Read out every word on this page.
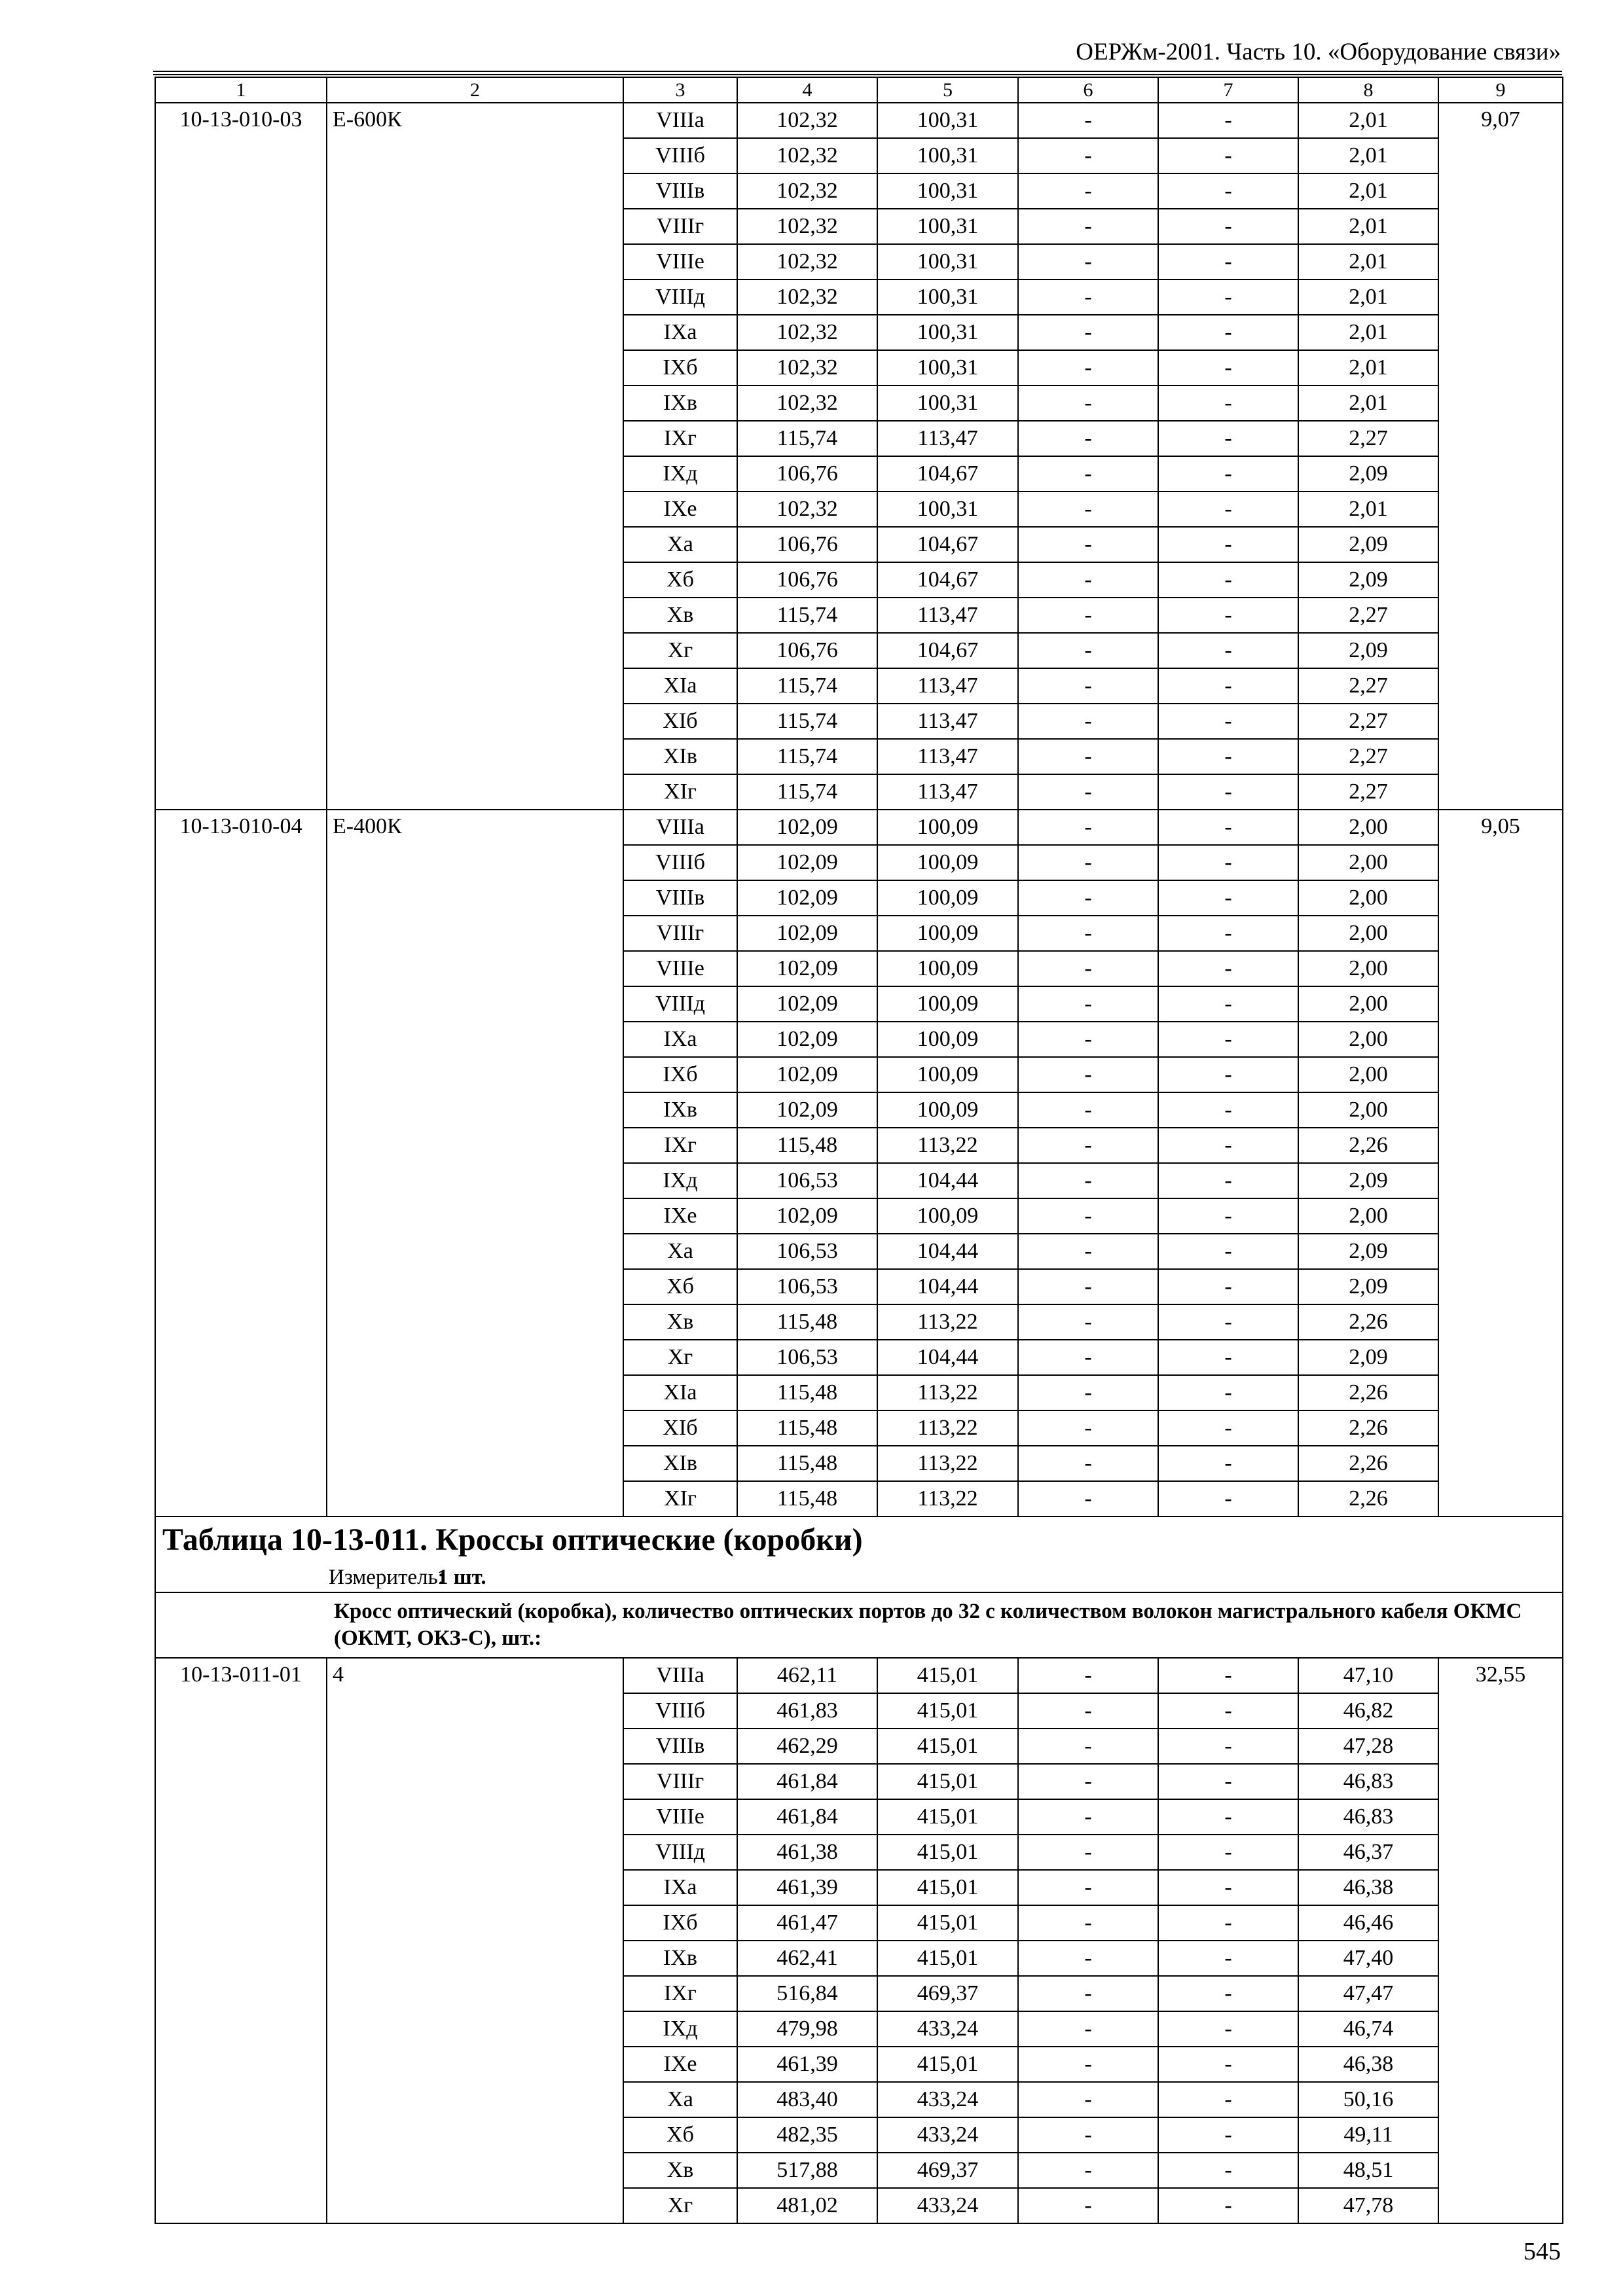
ОЕРЖм-2001. Часть 10. «Оборудование связи»
1	2	3	4	5	6	7	8	9
10-13-010-03	Е-600К	VIIIа	102,32	100,31	-	-	2,01	9,07
		VIIIб	102,32	100,31	-	-	2,01	
		VIIIв	102,32	100,31	-	-	2,01	
		VIIIг	102,32	100,31	-	-	2,01	
		VIIIе	102,32	100,31	-	-	2,01	
		VIIIд	102,32	100,31	-	-	2,01	
		IXа	102,32	100,31	-	-	2,01	
		IXб	102,32	100,31	-	-	2,01	
		IXв	102,32	100,31	-	-	2,01	
		IXг	115,74	113,47	-	-	2,27	
		IXд	106,76	104,67	-	-	2,09	
		IXе	102,32	100,31	-	-	2,01	
		Xа	106,76	104,67	-	-	2,09	
		Xб	106,76	104,67	-	-	2,09	
		Xв	115,74	113,47	-	-	2,27	
		Xг	106,76	104,67	-	-	2,09	
		XIа	115,74	113,47	-	-	2,27	
		XIб	115,74	113,47	-	-	2,27	
		XIв	115,74	113,47	-	-	2,27	
		XIг	115,74	113,47	-	-	2,27	
10-13-010-04	Е-400К	VIIIа	102,09	100,09	-	-	2,00	9,05
		VIIIб	102,09	100,09	-	-	2,00	
		VIIIв	102,09	100,09	-	-	2,00	
		VIIIг	102,09	100,09	-	-	2,00	
		VIIIе	102,09	100,09	-	-	2,00	
		VIIIд	102,09	100,09	-	-	2,00	
		IXа	102,09	100,09	-	-	2,00	
		IXб	102,09	100,09	-	-	2,00	
		IXв	102,09	100,09	-	-	2,00	
		IXг	115,48	113,22	-	-	2,26	
		IXд	106,53	104,44	-	-	2,09	
		IXе	102,09	100,09	-	-	2,00	
		Xа	106,53	104,44	-	-	2,09	
		Xб	106,53	104,44	-	-	2,09	
		Xв	115,48	113,22	-	-	2,26	
		Xг	106,53	104,44	-	-	2,09	
		XIа	115,48	113,22	-	-	2,26	
		XIб	115,48	113,22	-	-	2,26	
		XIв	115,48	113,22	-	-	2,26	
		XIг	115,48	113,22	-	-	2,26	
Таблица 10-13-011. Кроссы оптические (коробки)								
Измеритель:1 шт.								
Кросс оптический (коробка), количество оптических портов до 32 с количеством волокон магистрального кабеля ОКМС (ОКМТ, ОКЗ-С), шт.:								
10-13-011-01	4	VIIIа	462,11	415,01	-	-	47,10	32,55
		VIIIб	461,83	415,01	-	-	46,82	
		VIIIв	462,29	415,01	-	-	47,28	
		VIIIг	461,84	415,01	-	-	46,83	
		VIIIе	461,84	415,01	-	-	46,83	
		VIIIд	461,38	415,01	-	-	46,37	
		IXа	461,39	415,01	-	-	46,38	
		IXб	461,47	415,01	-	-	46,46	
		IXв	462,41	415,01	-	-	47,40	
		IXг	516,84	469,37	-	-	47,47	
		IXд	479,98	433,24	-	-	46,74	
		IXе	461,39	415,01	-	-	46,38	
		Xа	483,40	433,24	-	-	50,16	
		Xб	482,35	433,24	-	-	49,11	
		Xв	517,88	469,37	-	-	48,51	
		Xг	481,02	433,24	-	-	47,78	
545
